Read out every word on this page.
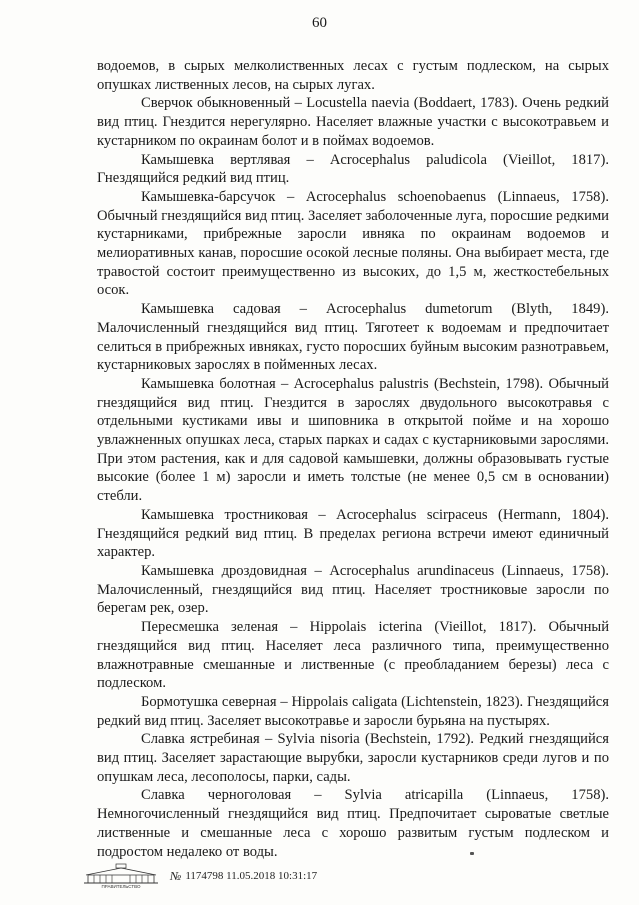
60

водоемов, в сырых мелколиственных лесах с густым подлеском, на сырых опушках лиственных лесов, на сырых лугах.

Сверчок обыкновенный – Locustella naevia (Boddaert, 1783). Очень редкий вид птиц. Гнездится нерегулярно. Населяет влажные участки с высокотравьем и кустарником по окраинам болот и в поймах водоемов.

Камышевка вертлявая – Acrocephalus paludicola (Vieillot, 1817). Гнездящийся редкий вид птиц.

Камышевка-барсучок – Acrocephalus schoenobaenus (Linnaeus, 1758). Обычный гнездящийся вид птиц. Заселяет заболоченные луга, поросшие редкими кустарниками, прибрежные заросли ивняка по окраинам водоемов и мелиоративных канав, поросшие осокой лесные поляны. Она выбирает места, где травостой состоит преимущественно из высоких, до 1,5 м, жесткостебельных осок.

Камышевка садовая – Acrocephalus dumetorum (Blyth, 1849). Малочисленный гнездящийся вид птиц. Тяготеет к водоемам и предпочитает селиться в прибрежных ивняках, густо поросших буйным высоким разнотравьем, кустарниковых зарослях в пойменных лесах.

Камышевка болотная – Acrocephalus palustris (Bechstein, 1798). Обычный гнездящийся вид птиц. Гнездится в зарослях двудольного высокотравья с отдельными кустиками ивы и шиповника в открытой пойме и на хорошо увлажненных опушках леса, старых парках и садах с кустарниковыми зарослями. При этом растения, как и для садовой камышевки, должны образовывать густые высокие (более 1 м) заросли и иметь толстые (не менее 0,5 см в основании) стебли.

Камышевка тростниковая – Acrocephalus scirpaceus (Hermann, 1804). Гнездящийся редкий вид птиц. В пределах региона встречи имеют единичный характер.

Камышевка дроздовидная – Acrocephalus arundinaceus (Linnaeus, 1758). Малочисленный, гнездящийся вид птиц. Населяет тростниковые заросли по берегам рек, озер.

Пересмешка зеленая – Hippolais icterina (Vieillot, 1817). Обычный гнездящийся вид птиц. Населяет леса различного типа, преимущественно влажнотравные смешанные и лиственные (с преобладанием березы) леса с подлеском.

Бормотушка северная – Hippolais caligata (Lichtenstein, 1823). Гнездящийся редкий вид птиц. Заселяет высокотравье и заросли бурьяна на пустырях.

Славка ястребиная – Sylvia nisoria (Bechstein, 1792). Редкий гнездящийся вид птиц. Заселяет зарастающие вырубки, заросли кустарников среди лугов и по опушкам леса, лесополосы, парки, сады.

Славка черноголовая – Sylvia atricapilla (Linnaeus, 1758). Немногочисленный гнездящийся вид птиц. Предпочитает сыроватые светлые лиственные и смешанные леса с хорошо развитым густым подлеском и подростом недалеко от воды.

ПРАВИТЕЛЬСТВО
№ 1174798 11.05.2018 10:31:17
